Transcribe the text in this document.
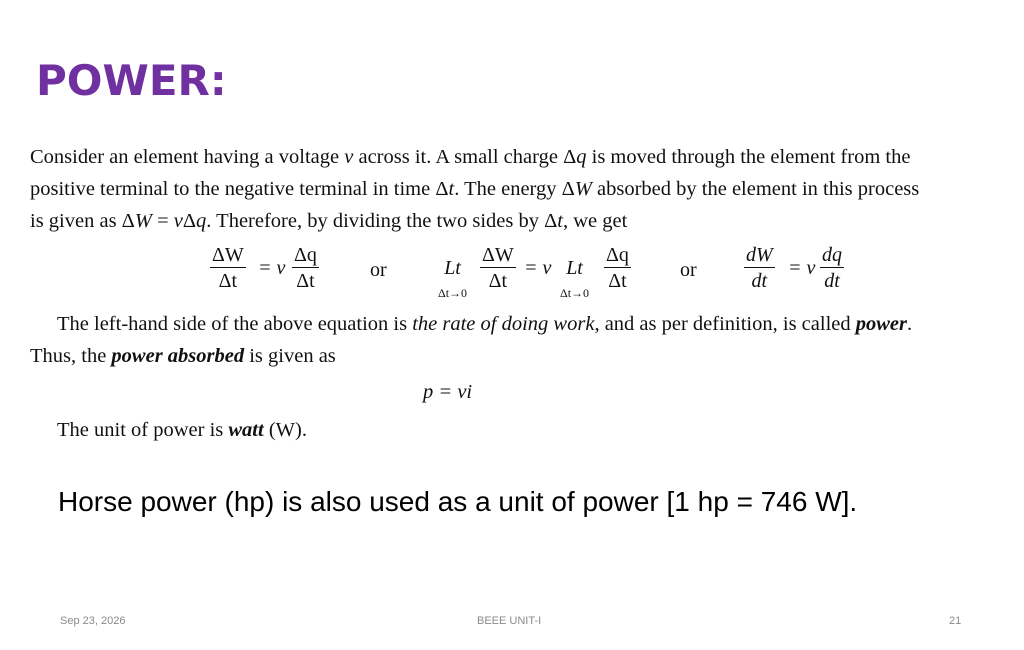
POWER:
Consider an element having a voltage v across it. A small charge Δq is moved through the element from the
positive terminal to the negative terminal in time Δt. The energy ΔW absorbed by the element in this process
is given as ΔW = vΔq. Therefore, by dividing the two sides by Δt, we get
$\frac{\Delta W}{\Delta t} = v \frac{\Delta q}{\Delta t}$	or	Lt
$\Delta t\to 0 \frac{\Delta W}{\Delta t} = v$ Lt
$\Delta t\to 0 \frac{\Delta q}{\Delta t}$ or $\frac{dW}{dt} = v \frac{dq}{dt}$
The left-hand side of the above equation is the rate of doing work, and as per definition, is called power.
Thus, the power absorbed is given as
p = vi
The unit of power is watt (W).
Horse power (hp) is also used as a unit of power [1 hp = 746 W].
Sep 23, 2026	BEEE UNIT-I	21
